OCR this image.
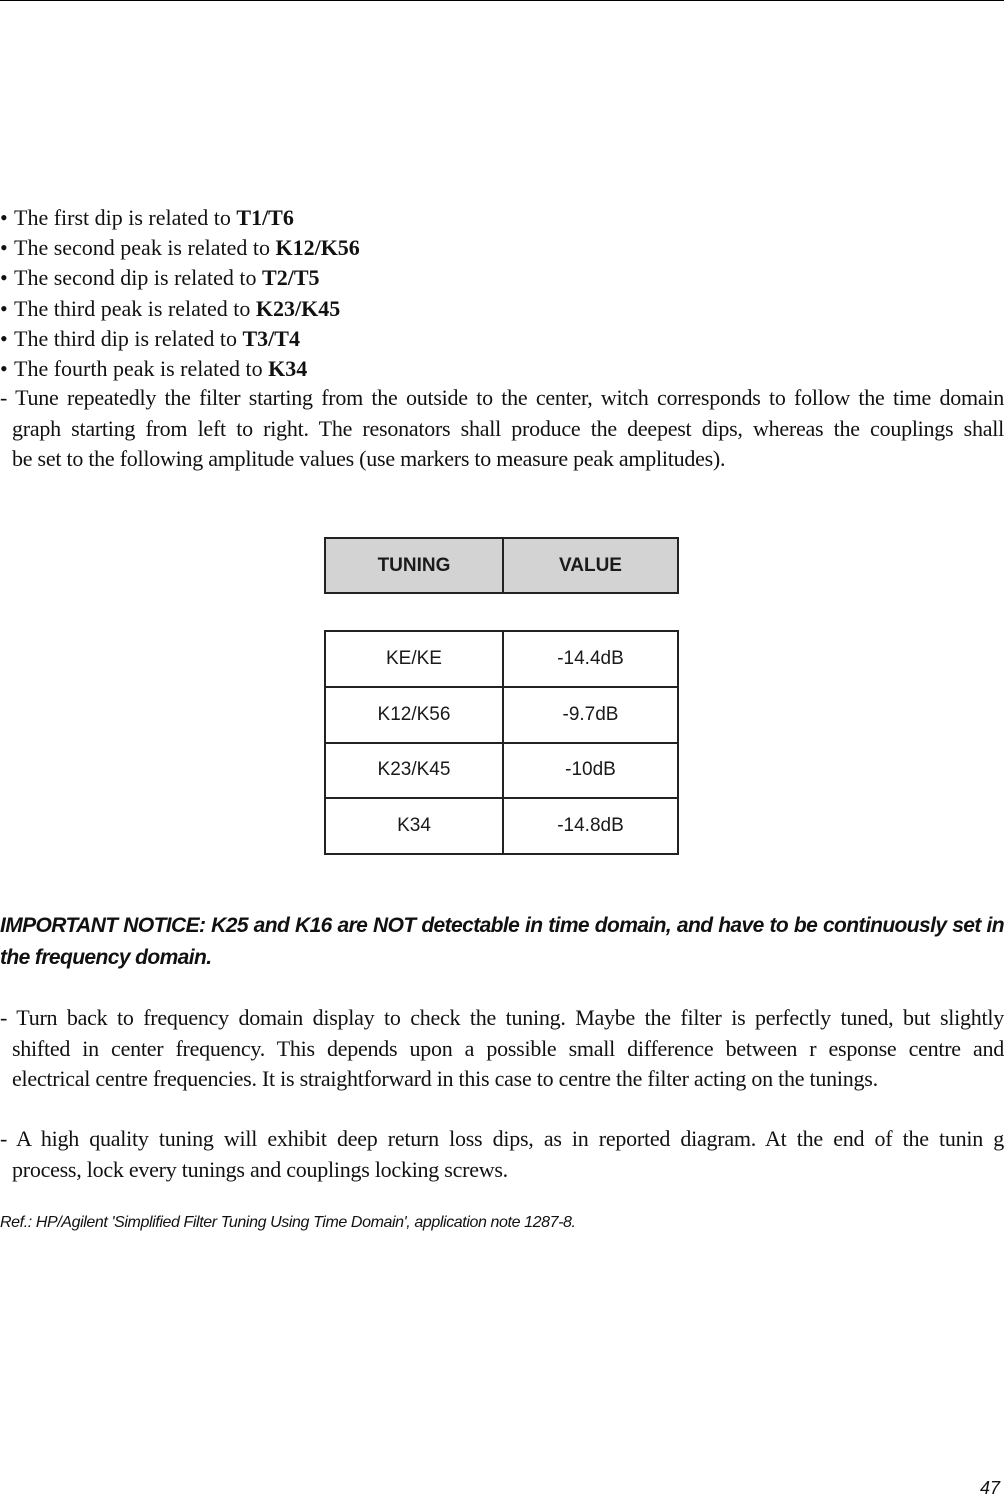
• The first dip is related to T1/T6
• The second peak is related to K12/K56
• The second dip is related to T2/T5
• The third peak is related to K23/K45
• The third dip is related to T3/T4
• The fourth peak is related to K34
- Tune repeatedly the filter starting from the outside to the center, witch corresponds to follow the time domain
graph starting from left to right. The resonators shall produce the deepest dips, whereas the couplings shall
be set to the following amplitude values (use markers to measure peak amplitudes).
TUNING	VALUE
KE/KE	-14.4dB
K12/K56	-9.7dB
K23/K45	-10dB
K34	-14.8dB
IMPORTANT NOTICE: K25 and K16 are NOT detectable in time domain, and have to be continuously set in
the frequency domain.
- Turn back to frequency domain display to check the tuning. Maybe the filter is perfectly tuned, but slightly
shifted in center frequency. This depends upon a possible small difference between r esponse centre and
electrical centre frequencies. It is straightforward in this case to centre the filter acting on the tunings.
- A high quality tuning will exhibit deep return loss dips, as in reported diagram. At the end of the tunin g
process, lock every tunings and couplings locking screws.
Ref.: HP/Agilent 'Simplified Filter Tuning Using Time Domain', application note 1287-8.
47
